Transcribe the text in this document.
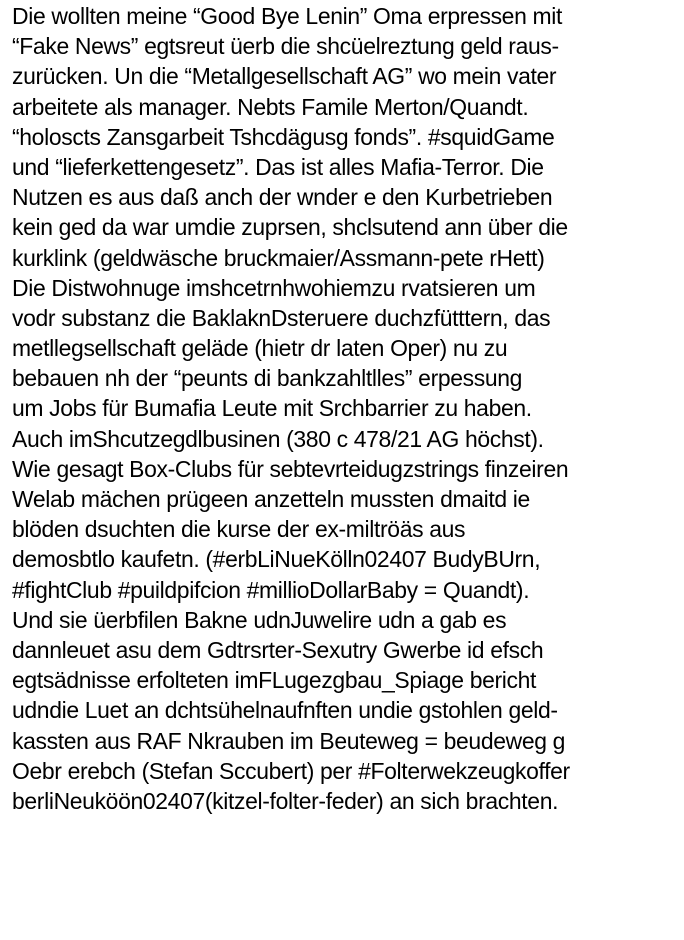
Die wollten meine “Good Bye Lenin” Oma erpressen mit
“Fake News” egtsreut üerb die shcüelreztung geld raus-
zurücken. Un die “Metallgesellschaft AG” wo mein vater
arbeitete als manager. Nebts Famile Merton/Quandt.
“holoscts Zansgarbeit Tshcdägusg fonds”. #squidGame
und “lieferkettengesetz”. Das ist alles Mafia-Terror. Die
Nutzen es aus daß anch der wnder e den Kurbetrieben
kein ged da war umdie zuprsen, shclsutend ann über die
kurklink (geldwäsche bruckmaier/Assmann-pete rHett)
Die Distwohnuge imshcetrnhwohiemzu rvatsieren um
vodr substanz die BaklaknDsteruere duchzfütttern, das
metllegsellschaft geläde (hietr dr laten Oper) nu zu
bebauen nh der “peunts di bankzahltlles” erpessung
um Jobs für Bumafia Leute mit Srchbarrier zu haben.
Auch imShcutzegdlbusinen (380 c 478/21 AG höchst).
Wie gesagt Box-Clubs für sebtevrteidugzstrings finzeiren
Welab mächen prügeen anzetteln mussten dmaitd ie
blöden dsuchten die kurse der ex-miltröäs aus
demosbtlo kaufetn. (#erbLiNueKölln02407 BudyBUrn,
#fightClub #puildpifcion #millioDollarBaby = Quandt).
Und sie üerbfilen Bakne udnJuwelire udn a gab es
dannleuet asu dem Gdtrsrter-Sexutry Gwerbe id efsch
egtsädnisse erfolteten imFLugezgbau_Spiage bericht
udndie Luet an dchtsühelnaufnften undie gstohlen geld-
kassten aus RAF Nkrauben im Beuteweg = beudeweg g
Oebr erebch (Stefan Sccubert) per #Folterwekzeugkoffer
berliNeuköön02407(kitzel-folter-feder) an sich brachten.
